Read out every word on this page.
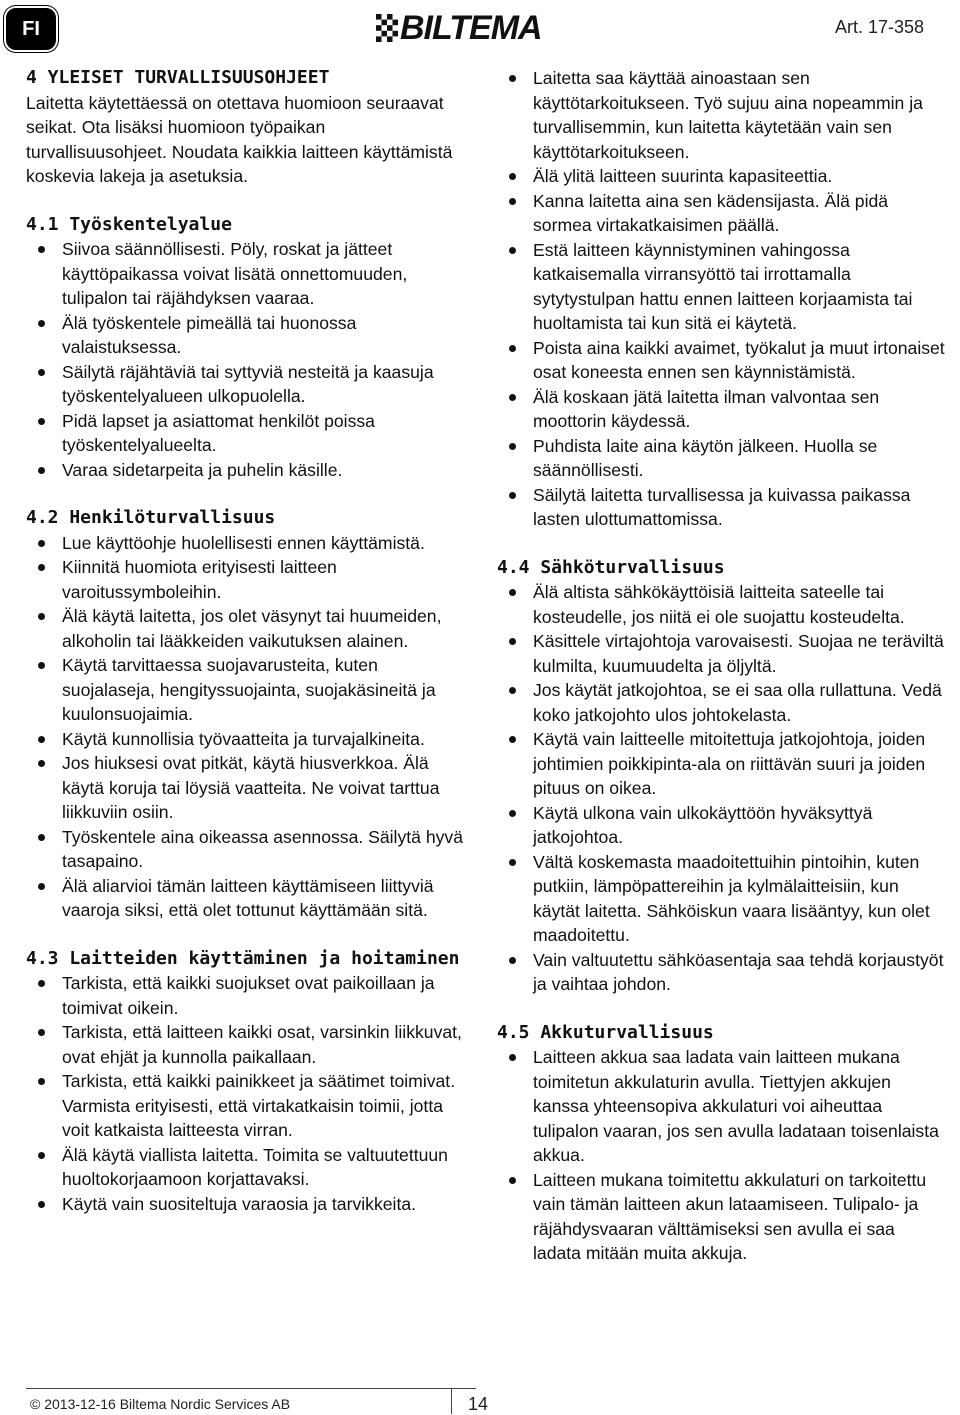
FI	BILTEMA	Art. 17-358
4 YLEISET TURVALLISUUSOHJEET

Laitetta käytettäessä on otettava huomioon seuraavat seikat. Ota lisäksi huomioon työpaikan turvallisuusohjeet. Noudata kaikkia laitteen käyttämistä koskevia lakeja ja asetuksia.

4.1 Työskentelyalue
Siivoa säännöllisesti. Pöly, roskat ja jätteet käyttöpaikassa voivat lisätä onnettomuuden, tulipalon tai räjähdyksen vaaraa.
Älä työskentele pimeällä tai huonossa valaistuksessa.
Säilytä räjähtäviä tai syttyviä nesteitä ja kaasuja työskentelyalueen ulkopuolella.
Pidä lapset ja asiattomat henkilöt poissa työskentelyalueelta.
Varaa sidetarpeita ja puhelin käsille.
4.2 Henkilöturvallisuus
Lue käyttöohje huolellisesti ennen käyttämistä.
Kiinnitä huomiota erityisesti laitteen varoitussymboleihin.
Älä käytä laitetta, jos olet väsynyt tai huumeiden, alkoholin tai lääkkeiden vaikutuksen alainen.
Käytä tarvittaessa suojavarusteita, kuten suojalaseja, hengityssuojainta, suojakäsineitä ja kuulonsuojaimia.
Käytä kunnollisia työvaatteita ja turvajalkineita.
Jos hiuksesi ovat pitkät, käytä hiusverkkoa. Älä käytä koruja tai löysiä vaatteita. Ne voivat tarttua liikkuviin osiin.
Työskentele aina oikeassa asennossa. Säilytä hyvä tasapaino.
Älä aliarvioi tämän laitteen käyttämiseen liittyviä vaaroja siksi, että olet tottunut käyttämään sitä.
4.3 Laitteiden käyttäminen ja hoitaminen
Tarkista, että kaikki suojukset ovat paikoillaan ja toimivat oikein.
Tarkista, että laitteen kaikki osat, varsinkin liikkuvat, ovat ehjät ja kunnolla paikallaan.
Tarkista, että kaikki painikkeet ja säätimet toimivat. Varmista erityisesti, että virtakatkaisin toimii, jotta voit katkaista laitteesta virran.
Älä käytä viallista laitetta. Toimita se valtuutettuun huoltokorjaamoon korjattavaksi.
Käytä vain suositeltuja varaosia ja tarvikkeita.
Laitetta saa käyttää ainoastaan sen käyttötarkoitukseen. Työ sujuu aina nopeammin ja turvallisemmin, kun laitetta käytetään vain sen käyttötarkoitukseen.
Älä ylitä laitteen suurinta kapasiteettia.
Kanna laitetta aina sen kädensijasta. Älä pidä sormea virtakatkaisimen päällä.
Estä laitteen käynnistyminen vahingossa katkaisemalla virransyöttö tai irrottamalla sytytystulpan hattu ennen laitteen korjaamista tai huoltamista tai kun sitä ei käytetä.
Poista aina kaikki avaimet, työkalut ja muut irtonaiset osat koneesta ennen sen käynnistämistä.
Älä koskaan jätä laitetta ilman valvontaa sen moottorin käydessä.
Puhdista laite aina käytön jälkeen. Huolla se säännöllisesti.
Säilytä laitetta turvallisessa ja kuivassa paikassa lasten ulottumattomissa.
4.4 Sähköturvallisuus
Älä altista sähkökäyttöisiä laitteita sateelle tai kosteudelle, jos niitä ei ole suojattu kosteudelta.
Käsittele virtajohtoja varovaisesti. Suojaa ne teräviltä kulmilta, kuumuudelta ja öljyltä.
Jos käytät jatkojohtoa, se ei saa olla rullattuna. Vedä koko jatkojohto ulos johtokelasta.
Käytä vain laitteelle mitoitettuja jatkojohtoja, joiden johtimien poikkipinta-ala on riittävän suuri ja joiden pituus on oikea.
Käytä ulkona vain ulkokäyttöön hyväksyttyä jatkojohtoa.
Vältä koskemasta maadoitettuihin pintoihin, kuten putkiin, lämpöpattereihin ja kylmälaitteisiin, kun käytät laitetta. Sähköiskun vaara lisääntyy, kun olet maadoitettu.
Vain valtuutettu sähköasentaja saa tehdä korjaustyöt ja vaihtaa johdon.
4.5 Akkuturvallisuus
Laitteen akkua saa ladata vain laitteen mukana toimitetun akkulaturin avulla. Tiettyjen akkujen kanssa yhteensopiva akkulaturi voi aiheuttaa tulipalon vaaran, jos sen avulla ladataan toisenlaista akkua.
Laitteen mukana toimitettu akkulaturi on tarkoitettu vain tämän laitteen akun lataamiseen. Tulipalo- ja räjähdysvaaran välttämiseksi sen avulla ei saa ladata mitään muita akkuja.
© 2013-12-16 Biltema Nordic Services AB	14
